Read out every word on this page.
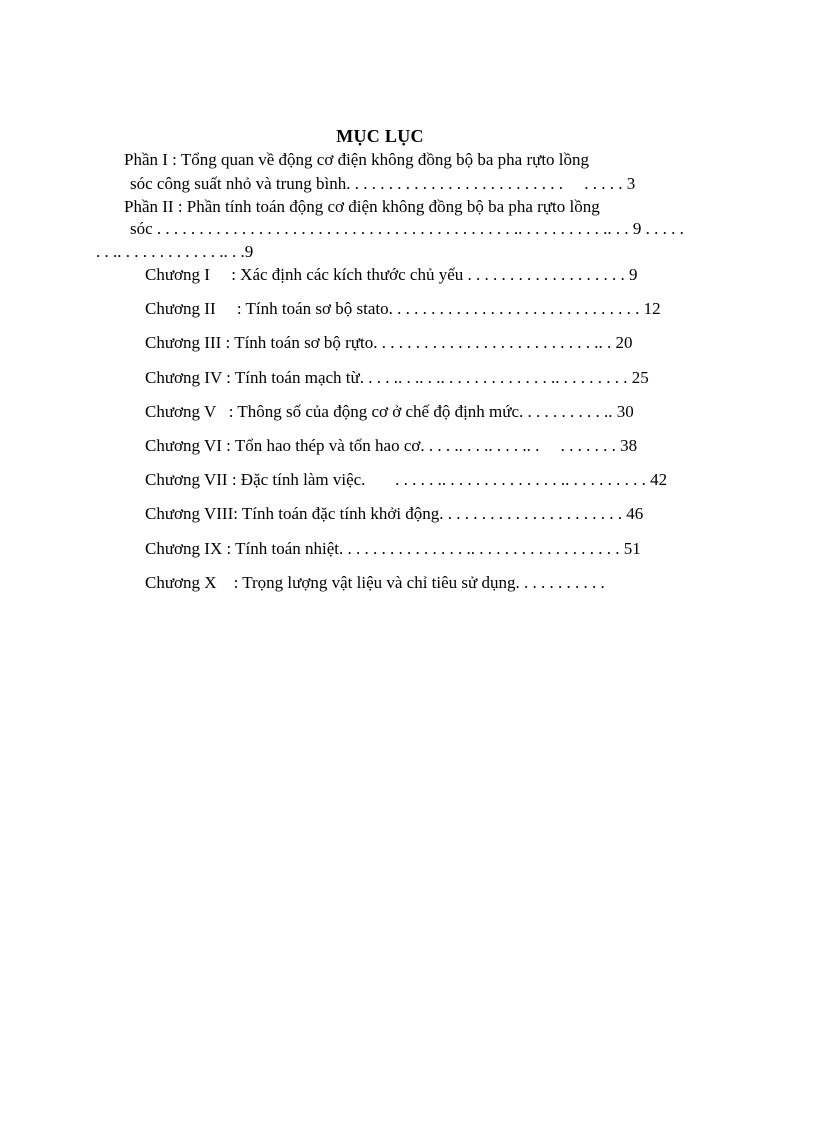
MỤC LỤC
Phần I : Tổng quan về động cơ điện không đồng bộ ba pha rựto lồng
sóc công suất nhỏ và trung bình. . . . . . . . . . . . . . . . . . . . . . . . . .     . . . . . 3
Phần II : Phần tính toán động cơ điện không đồng bộ ba pha rựto lồng
sóc . . . . . . . . . . . . . . . . . . . . . . . . . . . . . . . . . . . . . . . . . . .. . . . . . . . . . .. . . 9 . . . . .
. . .. . . . . . . . . . . . .. . .9
Chương I     : Xác định các kích thước chủ yếu . . . . . . . . . . . . . . . . . . . 9
Chương II     : Tính toán sơ bộ stato. . . . . . . . . . . . . . . . . . . . . . . . . . . . . . 12
Chương III : Tính toán sơ bộ rựto. . . . . . . . . . . . . . . . . . . . . . . . . . .. . 20
Chương IV : Tính toán mạch từ. . . . .. . .. . .. . . . . . . . . . . . . .. . . . . . . . . 25
Chương V   : Thông số của động cơ ở chế độ định mức. . . . . . . . . . .. 30
Chương VI : Tổn hao thép và tổn hao cơ. . . . .. . . .. . . . .. .     . . . . . . . 38
Chương VII : Đặc tính làm việc.       . . . . . .. . . . . . . . . . . . . . .. . . . . . . . . . 42
Chương VIII: Tính toán đặc tính khởi động. . . . . . . . . . . . . . . . . . . . . . 46
Chương IX : Tính toán nhiệt. . . . . . . . . . . . . . . .. . . . . . . . . . . . . . . . . . 51
Chương X    : Trọng lượng vật liệu và chỉ tiêu sử dụng. . . . . . . . . . .
